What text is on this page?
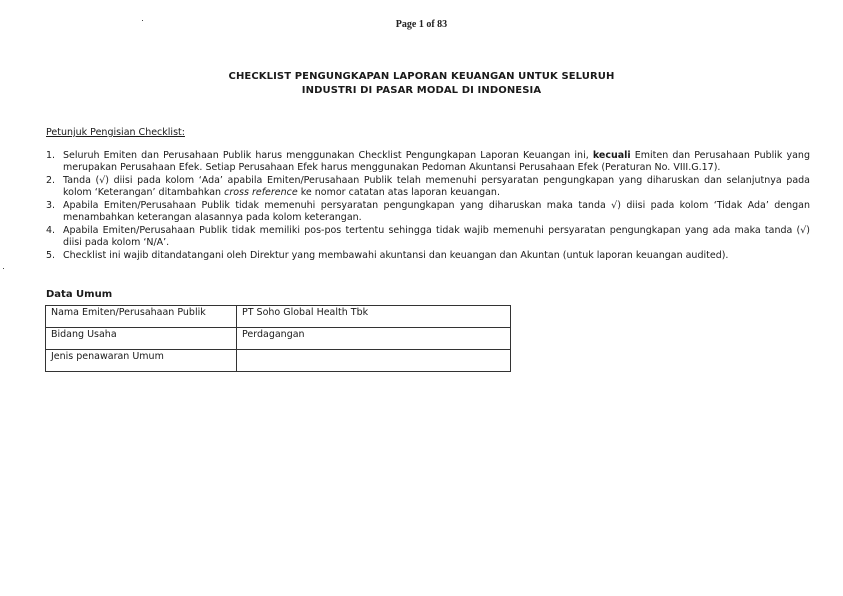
Page 1 of 83
CHECKLIST PENGUNGKAPAN LAPORAN KEUANGAN UNTUK SELURUH
INDUSTRI DI PASAR MODAL DI INDONESIA
Petunjuk Pengisian Checklist:
1. Seluruh Emiten dan Perusahaan Publik harus menggunakan Checklist Pengungkapan Laporan Keuangan ini, kecuali Emiten dan Perusahaan Publik yang merupakan Perusahaan Efek. Setiap Perusahaan Efek harus menggunakan Pedoman Akuntansi Perusahaan Efek (Peraturan No. VIII.G.17).
2. Tanda (√) diisi pada kolom ‘Ada’ apabila Emiten/Perusahaan Publik telah memenuhi persyaratan pengungkapan yang diharuskan dan selanjutnya pada kolom ‘Keterangan’ ditambahkan cross reference ke nomor catatan atas laporan keuangan.
3. Apabila Emiten/Perusahaan Publik tidak memenuhi persyaratan pengungkapan yang diharuskan maka tanda √) diisi pada kolom ‘Tidak Ada’ dengan menambahkan keterangan alasannya pada kolom keterangan.
4. Apabila Emiten/Perusahaan Publik tidak memiliki pos-pos tertentu sehingga tidak wajib memenuhi persyaratan pengungkapan yang ada maka tanda (√) diisi pada kolom ‘N/A’.
5. Checklist ini wajib ditandatangani oleh Direktur yang membawahi akuntansi dan keuangan dan Akuntan (untuk laporan keuangan audited).
Data Umum
Nama Emiten/Perusahaan Publik	PT Soho Global Health Tbk
Bidang Usaha	Perdagangan
Jenis penawaran Umum	
